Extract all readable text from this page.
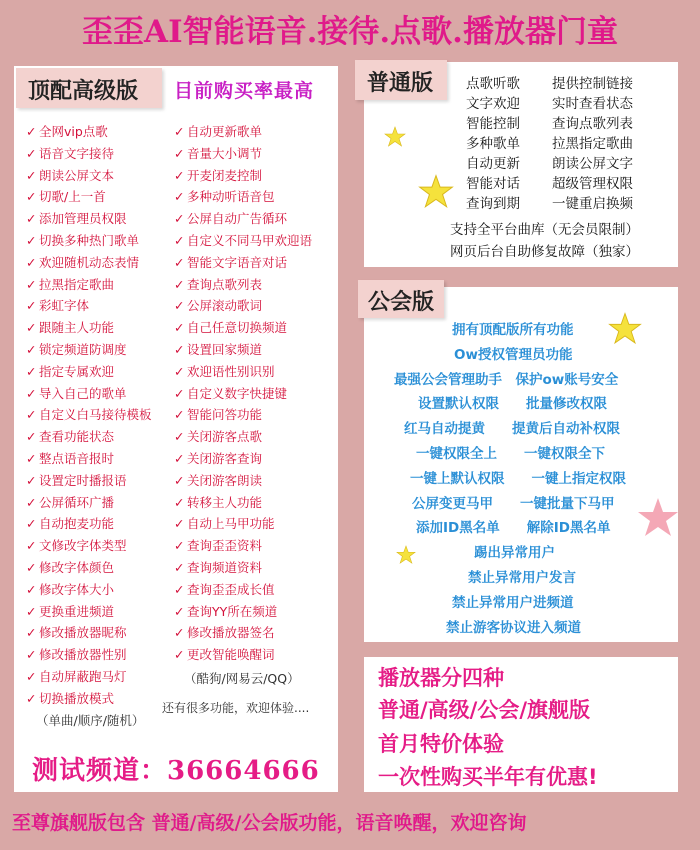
歪歪AI智能语音.接待.点歌.播放器门童
顶配高级版	目前购买率最高
✓ 全网vip点歌
✓ 语音文字接待
✓ 朗读公屏文本
✓ 切歌/上一首
✓ 添加管理员权限
✓ 切换多种热门歌单
✓ 欢迎随机动态表情
✓ 拉黑指定歌曲
✓ 彩虹字体
✓ 跟随主人功能
✓ 锁定频道防调度
✓ 指定专属欢迎
✓ 导入自己的歌单
✓ 自定义白马接待模板
✓ 查看功能状态
✓ 整点语音报时
✓ 设置定时播报语
✓ 公屏循环广播
✓ 自动抱麦功能
✓ 文修改字体类型
✓ 修改字体颜色
✓ 修改字体大小
✓ 更换重进频道
✓ 修改播放器昵称
✓ 修改播放器性别
✓ 自动屏蔽跑马灯
✓ 切换播放模式
（单曲/顺序/随机）
✓ 自动更新歌单
✓ 音量大小调节
✓ 开麦闭麦控制
✓ 多种动听语音包
✓ 公屏自动广告循环
✓ 自定义不同马甲欢迎语
✓ 智能文字语音对话
✓ 查询点歌列表
✓ 公屏滚动歌词
✓ 自己任意切换频道
✓ 设置回家频道
✓ 欢迎语性别识别
✓ 自定义数字快捷键
✓ 智能问答功能
✓ 关闭游客点歌
✓ 关闭游客查询
✓ 关闭游客朗读
✓ 转移主人功能
✓ 自动上马甲功能
✓ 查询歪歪资料
✓ 查询频道资料
✓ 查询歪歪成长值
✓ 查询YY所在频道
✓ 修改播放器签名
✓ 更改智能唤醒词
（酷狗/网易云/QQ）
还有很多功能，欢迎体验....
测试频道：36664666
普通版	点歌听歌	提供控制链接
文字欢迎	实时查看状态
智能控制	查询点歌列表
多种歌单	拉黑指定歌曲
自动更新	朗读公屏文字
智能对话	超级管理权限
查询到期	一键重启换频
支持全平台曲库（无会员限制）
网页后台自助修复故障（独家）
公会版
拥有顶配版所有功能
Ow授权管理员功能
最强公会管理助手　保护ow账号安全
设置默认权限　　批量修改权限
红马自动提黄　　提黄后自动补权限
一键权限全上　　一键权限全下
一键上默认权限　　一键上指定权限
公屏变更马甲　　一键批量下马甲
添加ID黑名单　　解除ID黑名单
踢出异常用户
禁止异常用户发言
禁止异常用户进频道
禁止游客协议进入频道
播放器分四种
普通/高级/公会/旗舰版
首月特价体验
一次性购买半年有优惠!
至尊旗舰版包含 普通/高级/公会版功能，语音唤醒，欢迎咨询
